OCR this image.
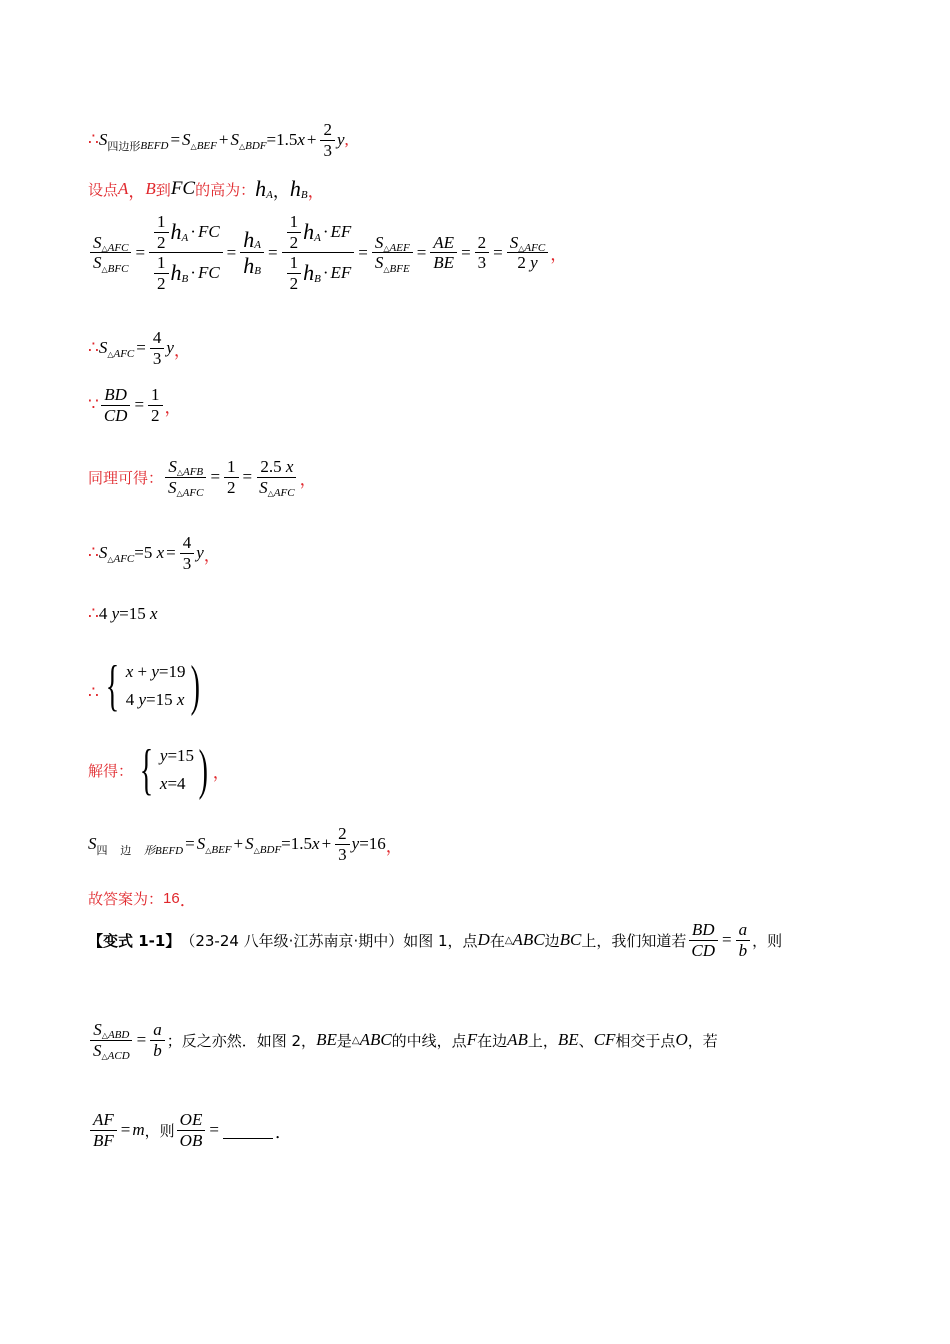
∴ S 四边形 BEFD = S △BEF + S △BDF =1.5 $x + \frac{2}{3}$ y ,
设点 A ， B 到 FC 的高为： h A ， h B ，
$\frac{\text{S △AFC}}{\text{S △BFC}} = \frac{\frac{1}{2} h A \cdot FC}{\frac{1}{2} h B \cdot FC} = \frac{\text{h A}}{\text{h B}} = \frac{\frac{1}{2} h A \cdot EF}{\frac{1}{2} h B \cdot EF} = \frac{\text{S △AEF}}{\text{S △BFE}} = \frac{AE}{BE} = \frac{2}{3} = S$ △AFC
2
y ，
∴ S △AFC = $\frac{4}{3}$ y ，
∵ $\frac{BD}{CD} = \frac{1}{2}$ ，
同理可得： $\frac{\text{S △AFB}}{\text{S △AFC}} = \frac{1}{2} = 2.5$
x
S △AFC ，
∴ S △AFC =5
$x = \frac{4}{3}$ y ，
∴ 4
y =15
x
∴ { x + y=19
4 y=15 x )
解得： { y=15
x=4 ) ，
S 四
边
形BEFD = S △BEF + S △BDF =1.5 $x + \frac{2}{3}$ y =16 ，
故答案为： 16 ．
【变式 1-1】 （23-24 八年级·江苏南京·期中） 如图 1，点 D 在 △ ABC 边 BC 上，我们知道若 $\frac{BD}{CD} = \frac{a}{b}$ ，则
$\frac{\text{S △ABD}}{\text{S △ACD}} = \frac{a}{b}$ ；反之亦然．如图 2， BE 是 △ ABC 的中线，点 F 在边 AB 上， BE 、 CF 相交于点 O ，若
$\frac{AF}{BF} = m$ ，则 $\frac{OE}{OB}$ =	．
